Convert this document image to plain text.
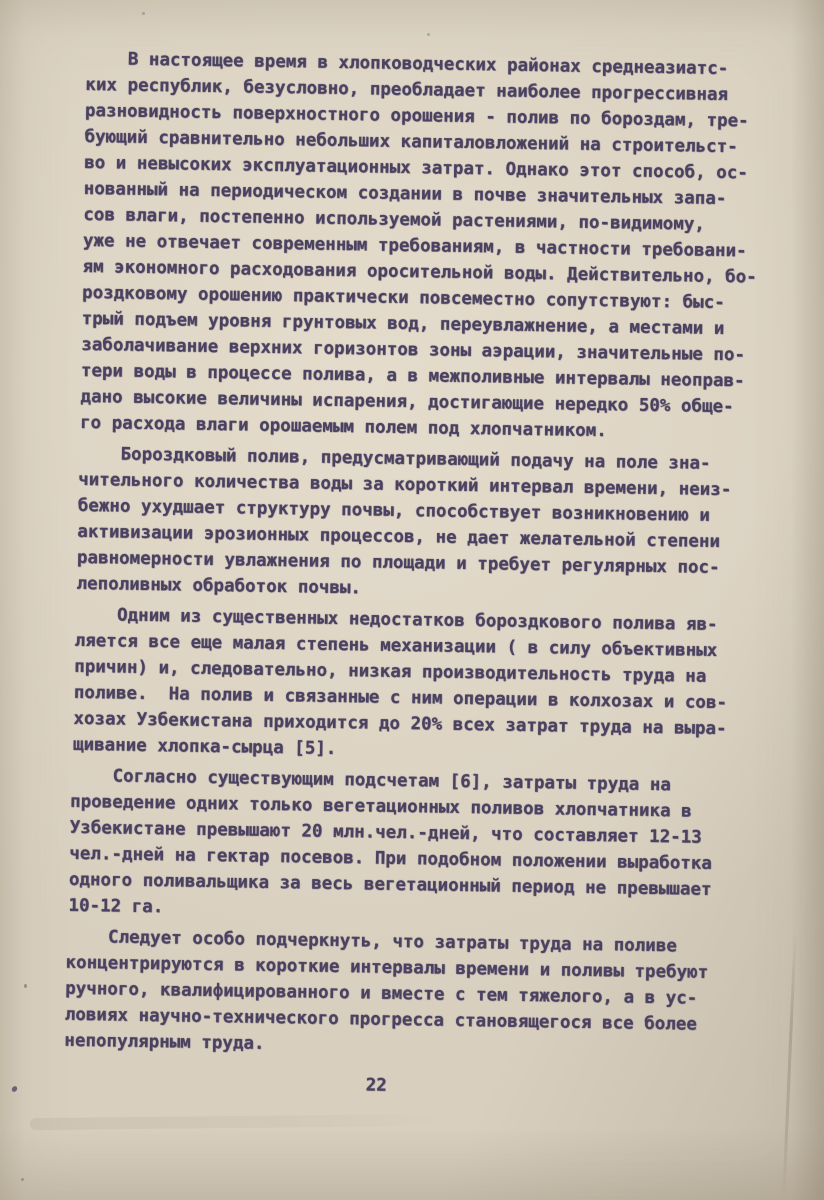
В настоящее время в хлопководческих районах среднеазиатс-
ких республик, безусловно, преобладает наиболее прогрессивная
разновидность поверхностного орошения - полив по бороздам, тре-
бующий сравнительно небольших капиталовложений на строительст-
во и невысоких эксплуатационных затрат. Однако этот способ, ос-
нованный на периодическом создании в почве значительных запа-
сов влаги, постепенно используемой растениями, по-видимому,
уже не отвечает современным требованиям, в частности требовани-
ям экономного расходования оросительной воды. Действительно, бо-
роздковому орошению практически повсеместно сопутствуют: быс-
трый подъем уровня грунтовых вод, переувлажнение, а местами и
заболачивание верхних горизонтов зоны аэрации, значительные по-
тери воды в процессе полива, а в межполивные интервалы неоправ-
дано высокие величины испарения, достигающие нередко 50% обще-
го расхода влаги орошаемым полем под хлопчатником.
Бороздковый полив, предусматривающий подачу на поле зна-
чительного количества воды за короткий интервал времени, неиз-
бежно ухудшает структуру почвы, способствует возникновению и
активизации эрозионных процессов, не дает желательной степени
равномерности увлажнения по площади и требует регулярных пос-
леполивных обработок почвы.
Одним из существенных недостатков бороздкового полива яв-
ляется все еще малая степень механизации ( в силу объективных
причин) и, следовательно, низкая производительность труда на
поливе.  На полив и связанные с ним операции в колхозах и сов-
хозах Узбекистана приходится до 20% всех затрат труда на выра-
щивание хлопка-сырца [5].
Согласно существующим подсчетам [6], затраты труда на
проведение одних только вегетационных поливов хлопчатника в
Узбекистане превышают 20 млн.чел.-дней, что составляет 12-13
чел.-дней на гектар посевов. При подобном положении выработка
одного поливальщика за весь вегетационный период не превышает
10-12 га.
Следует особо подчеркнуть, что затраты труда на поливе
концентрируются в короткие интервалы времени и поливы требуют
ручного, квалифицированного и вместе с тем тяжелого, а в ус-
ловиях научно-технического прогресса становящегося все более
непопулярным труда.
22
